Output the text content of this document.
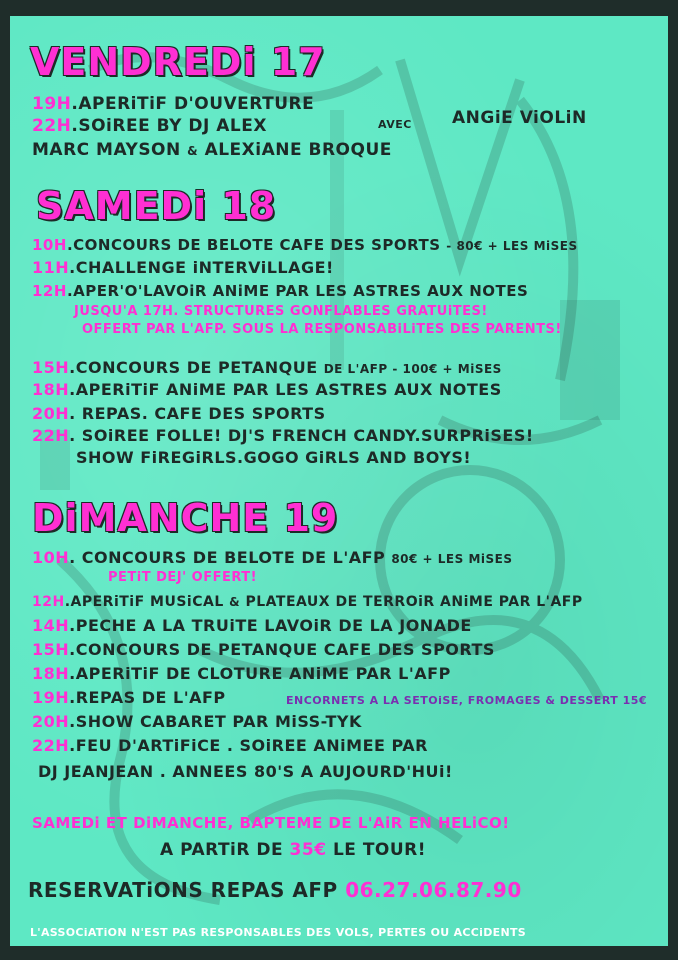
VENDREDi 17
19H.APERiTiF D'OUVERTURE
22H.SOiREE BY DJ ALEX	AVEC ANGiE ViOLiN
MARC MAYSON & ALEXiANE BROQUE
SAMEDi 18
10H.CONCOURS DE BELOTE CAFE DES SPORTS - 80€ + LES MiSES
11H.CHALLENGE iNTERViLLAGE!
12H.APER'O'LAVOiR ANiME PAR LES ASTRES AUX NOTES
JUSQU'A 17H. STRUCTURES GONFLABLES GRATUiTES!
OFFERT PAR L'AFP. SOUS LA RESPONSABiLiTES DES PARENTS!
15H.CONCOURS DE PETANQUE DE L'AFP - 100€ + MiSES
18H.APERiTiF ANiME PAR LES ASTRES AUX NOTES
20H. REPAS. CAFE DES SPORTS
22H. SOiREE FOLLE! DJ'S FRENCH CANDY.SURPRiSES!
SHOW FiREGiRLS.GOGO GiRLS AND BOYS!
DiMANCHE 19
10H. CONCOURS DE BELOTE DE L'AFP 80€ + LES MiSES
PETiT DEJ' OFFERT!
12H.APERiTiF MUSiCAL & PLATEAUX DE TERROiR ANiME PAR L'AFP
14H.PECHE A LA TRUiTE LAVOiR DE LA JONADE
15H.CONCOURS DE PETANQUE CAFE DES SPORTS
18H.APERiTiF DE CLOTURE ANiME PAR L'AFP
19H.REPAS DE L'AFP	ENCORNETS A LA SETOiSE, FROMAGES & DESSERT 15€
20H.SHOW CABARET PAR MiSS-TYK
22H.FEU D'ARTiFiCE . SOiREE ANiMEE PAR
DJ JEANJEAN . ANNEES 80'S A AUJOURD'HUi!
SAMEDi ET DiMANCHE, BAPTEME DE L'AiR EN HELiCO!
A PARTiR DE 35€ LE TOUR!
RESERVATiONS REPAS AFP 06.27.06.87.90
L'ASSOCiATiON N'EST PAS RESPONSABLES DES VOLS, PERTES OU ACCiDENTS
